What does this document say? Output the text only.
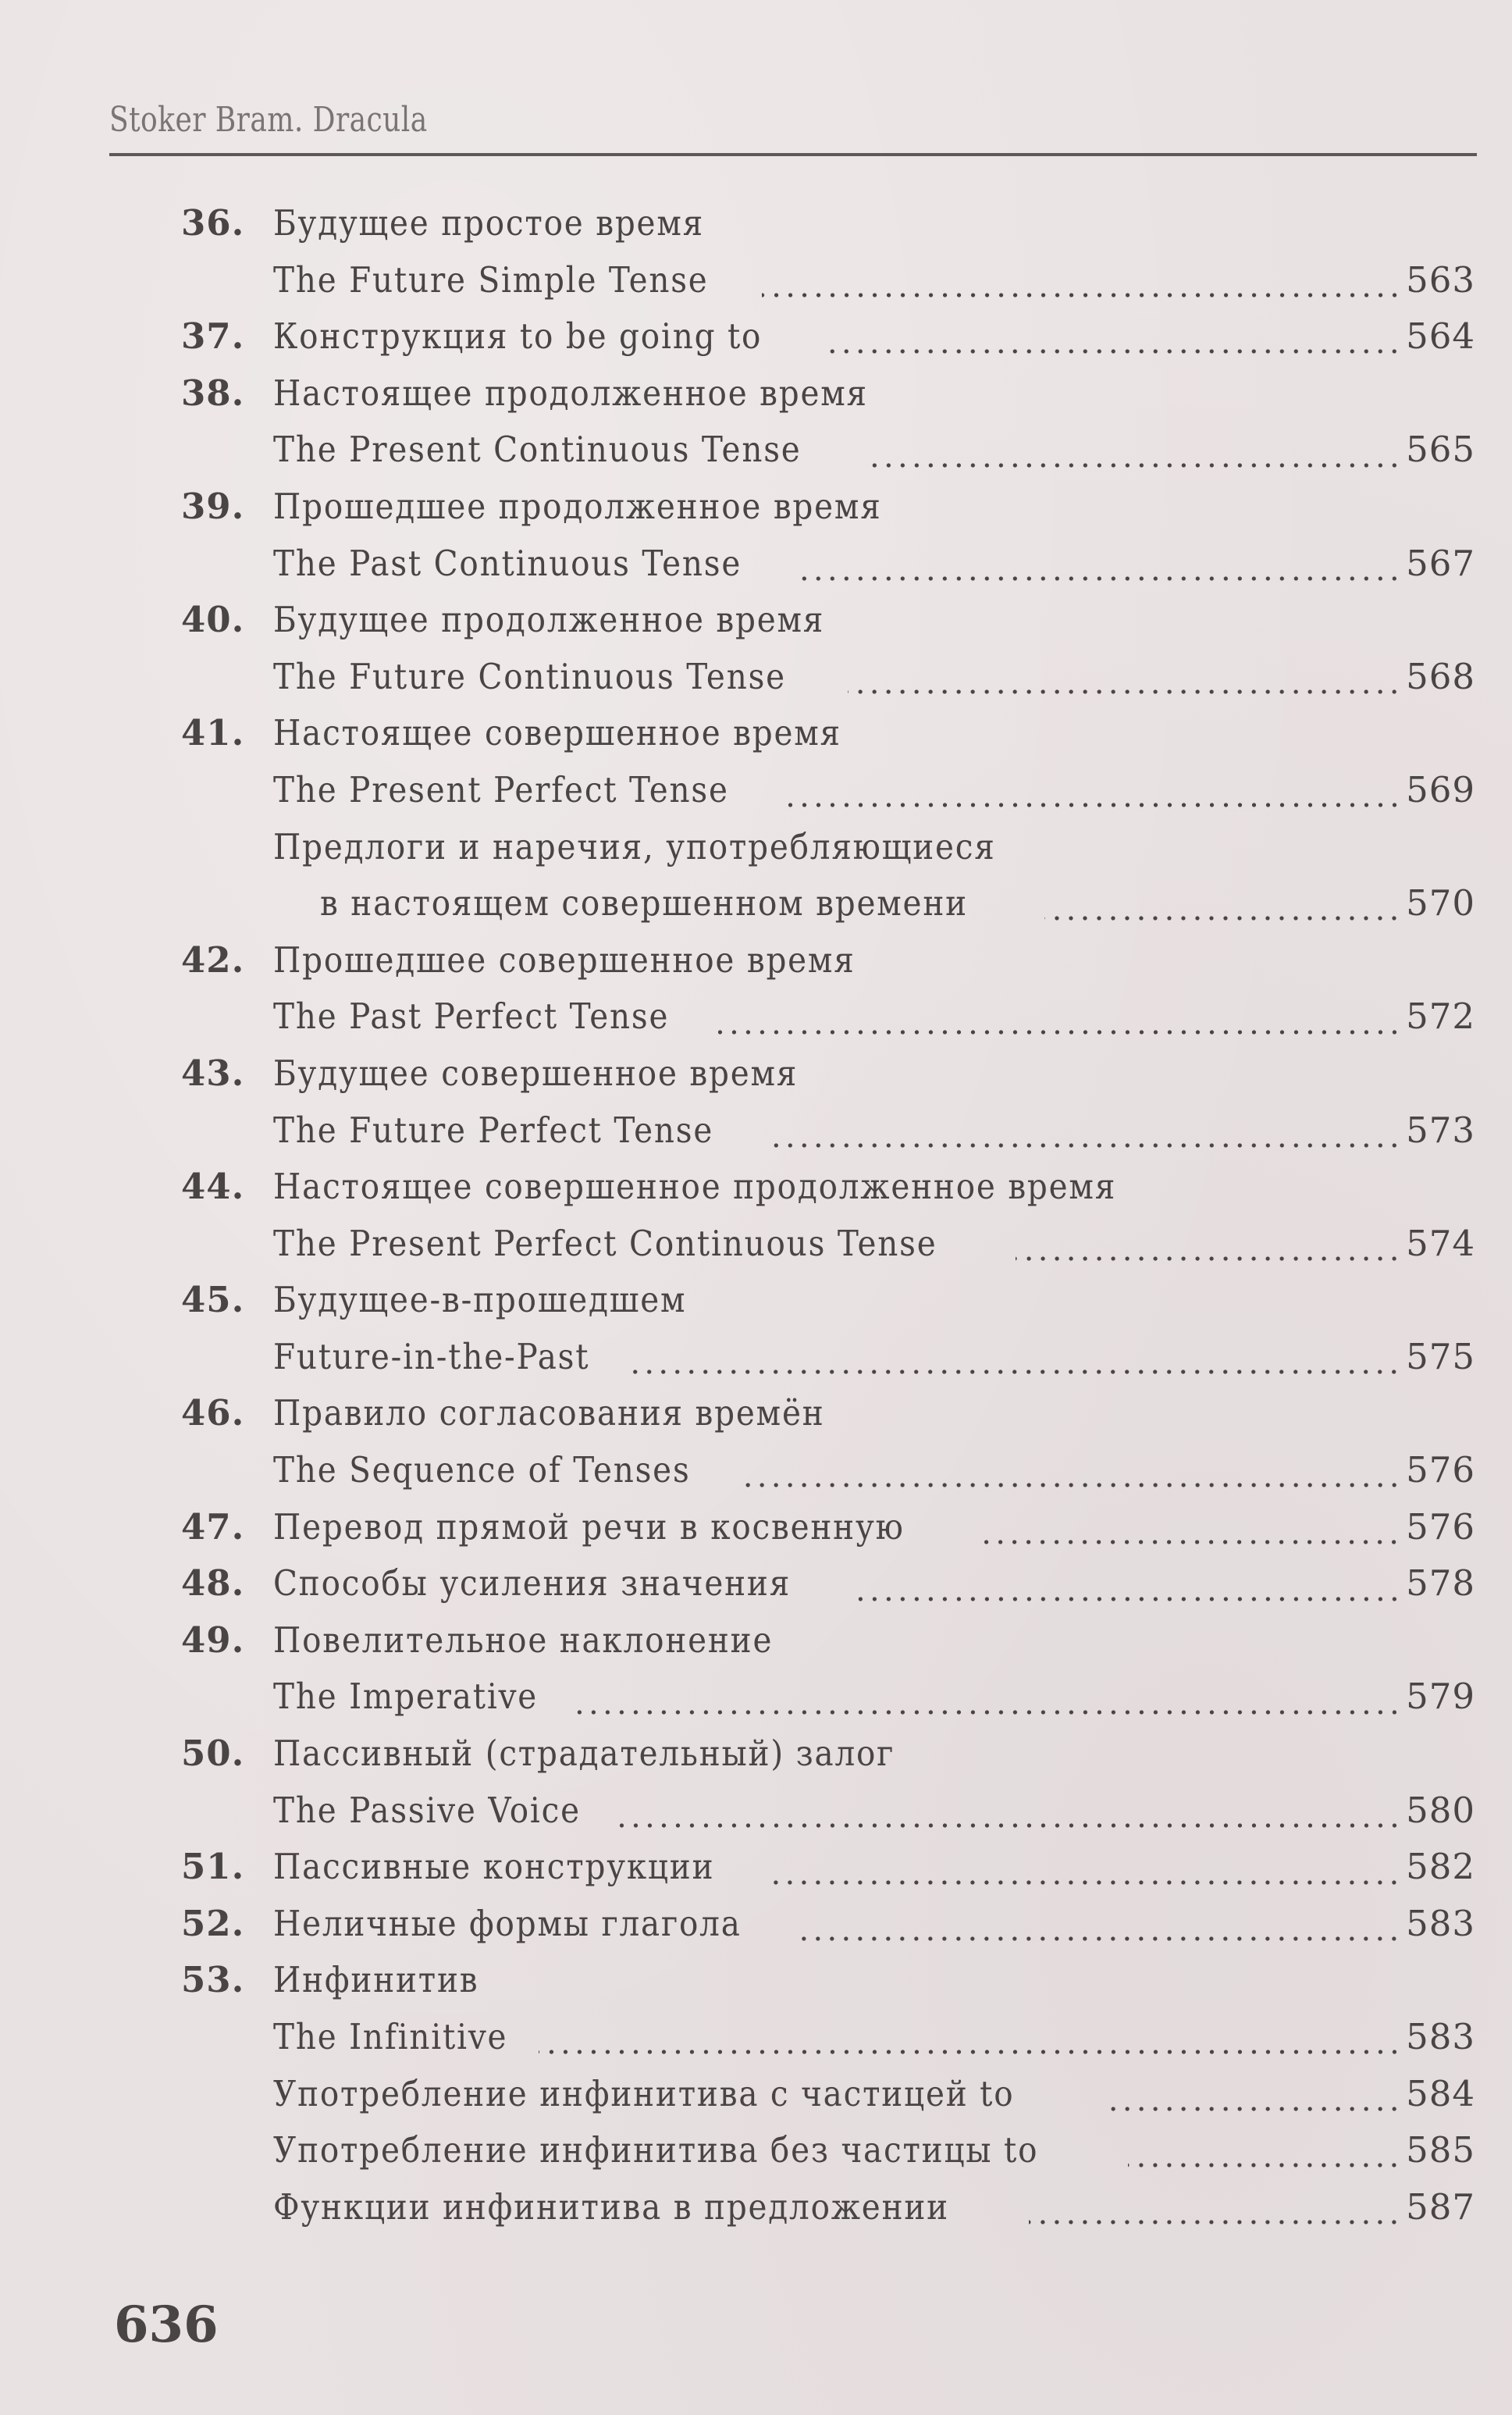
Stoker Bram. Dracula
36. Будущее простое время
The Future Simple Tense	563
37. Конструкция to be going to	564
38. Настоящее продолженное время
The Present Continuous Tense	565
39. Прошедшее продолженное время
The Past Continuous Tense	567
40. Будущее продолженное время
The Future Continuous Tense	568
41. Настоящее совершенное время
The Present Perfect Tense	569
Предлоги и наречия, употребляющиеся
в настоящем совершенном времени	570
42. Прошедшее совершенное время
The Past Perfect Tense	572
43. Будущее совершенное время
The Future Perfect Tense	573
44. Настоящее совершенное продолженное время
The Present Perfect Continuous Tense	574
45. Будущее-в-прошедшем
Future-in-the-Past	575
46. Правило согласования времён
The Sequence of Tenses	576
47. Перевод прямой речи в косвенную	576
48. Способы усиления значения	578
49. Повелительное наклонение
The Imperative	579
50. Пассивный (страдательный) залог
The Passive Voice	580
51. Пассивные конструкции	582
52. Неличные формы глагола	583
53. Инфинитив
The Infinitive	583
Употребление инфинитива с частицей to	584
Употребление инфинитива без частицы to	585
Функции инфинитива в предложении	587
636
